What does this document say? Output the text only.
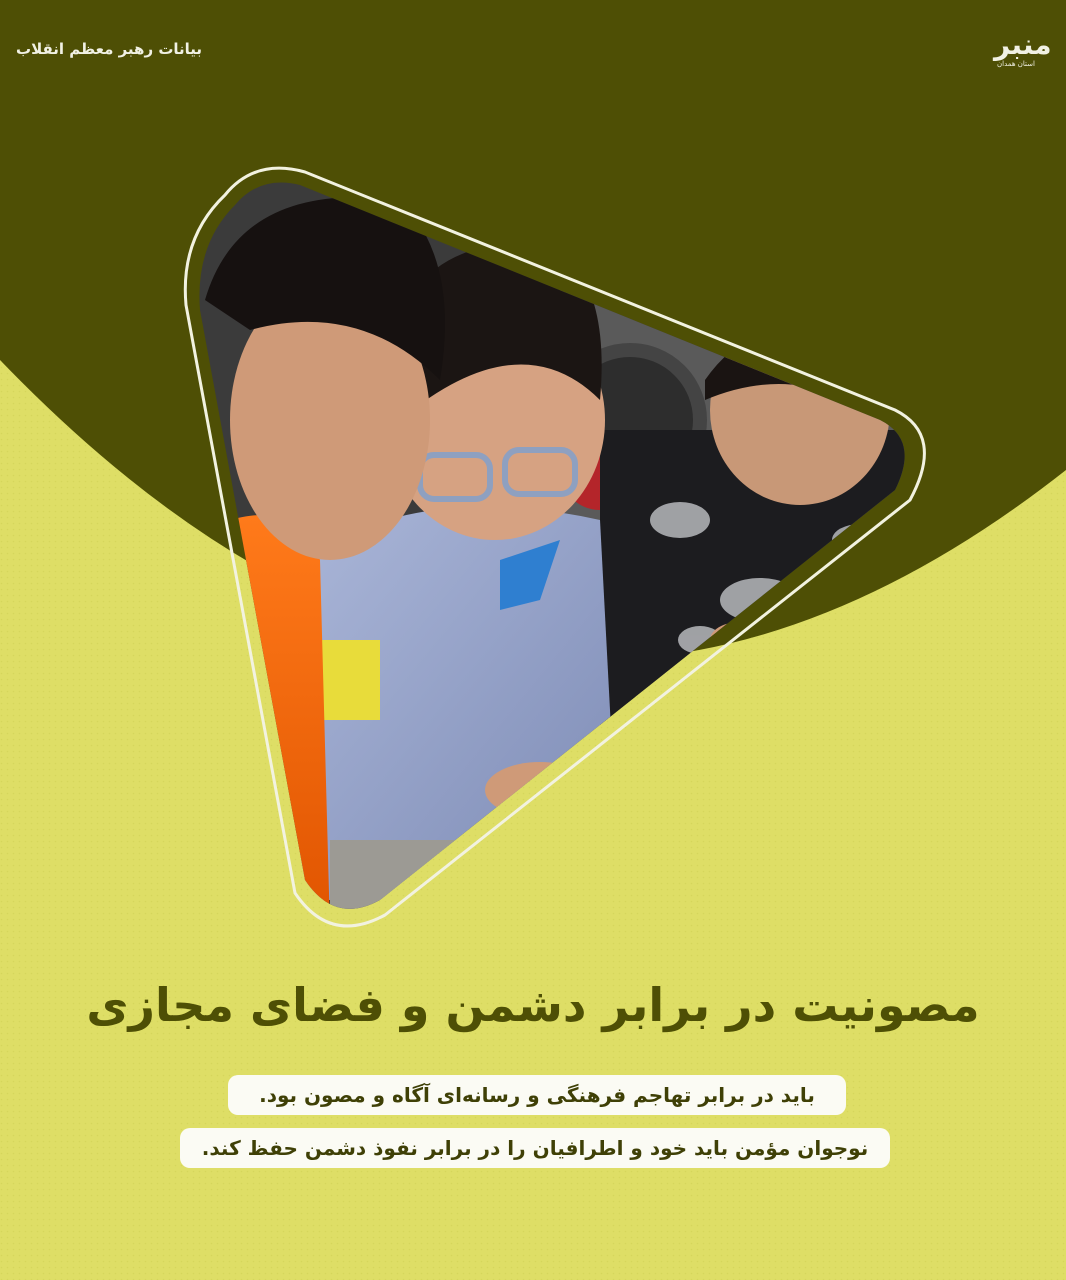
بیانات رهبر معظم انقلاب	ﻣﻨﺒﺮ
استان همدان
مصونیت در برابر دشمن و فضای مجازی
باید در برابر تهاجم فرهنگی و رسانه‌ای آگاه و مصون بود.
نوجوان مؤمن باید خود و اطرافیان را در برابر نفوذ دشمن حفظ کند.
